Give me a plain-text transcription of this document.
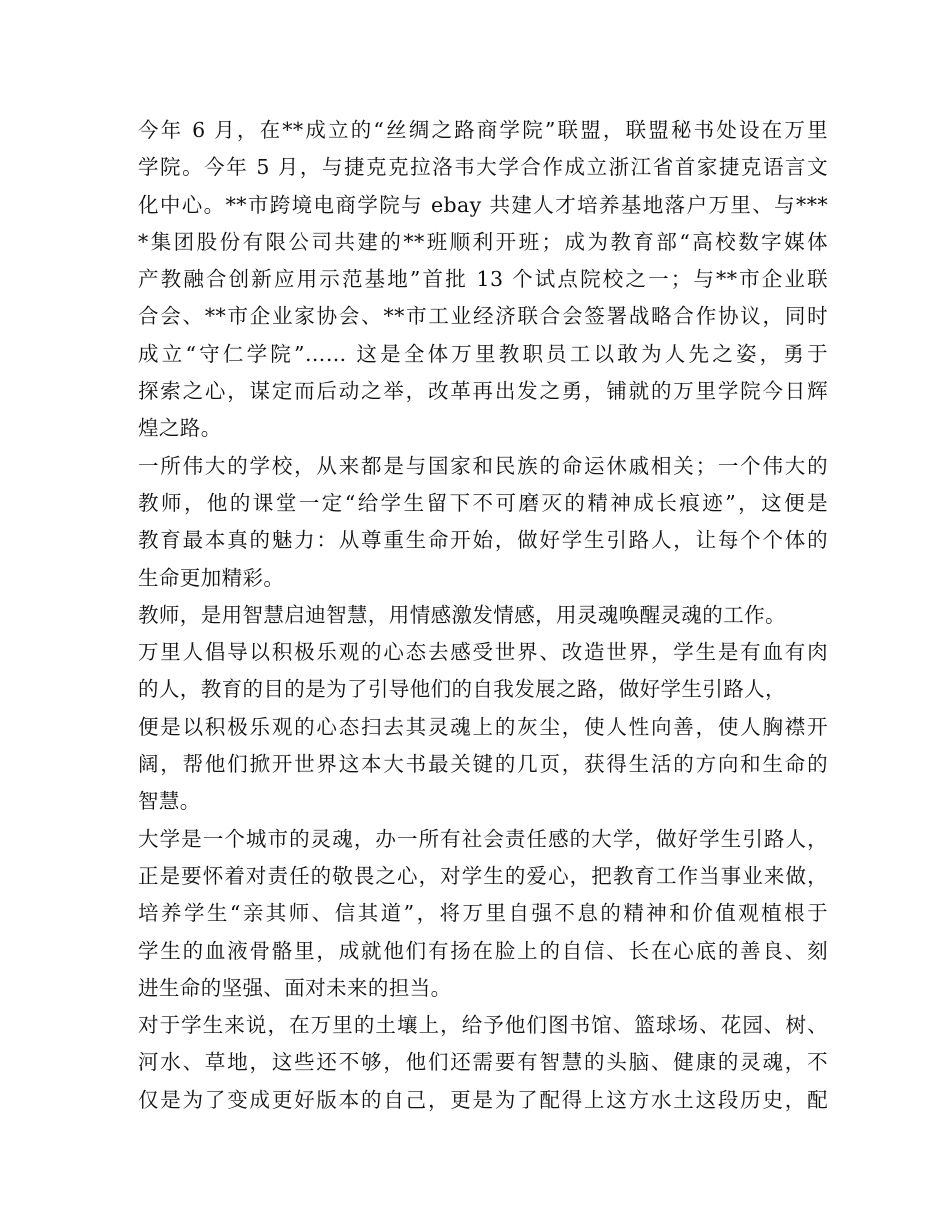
今年 6 月，在**成立的“丝绸之路商学院”联盟，联盟秘书处设在万里
学院。今年 5 月，与捷克克拉洛韦大学合作成立浙江省首家捷克语言文
化中心。**市跨境电商学院与 ebay 共建人才培养基地落户万里、与***
*集团股份有限公司共建的**班顺利开班；成为教育部“高校数字媒体
产教融合创新应用示范基地”首批 13 个试点院校之一；与**市企业联
合会、**市企业家协会、**市工业经济联合会签署战略合作协议，同时
成立“守仁学院”…… 这是全体万里教职员工以敢为人先之姿，勇于
探索之心，谋定而后动之举，改革再出发之勇，铺就的万里学院今日辉
煌之路。
一所伟大的学校，从来都是与国家和民族的命运休戚相关；一个伟大的
教师，他的课堂一定“给学生留下不可磨灭的精神成长痕迹”，这便是
教育最本真的魅力：从尊重生命开始，做好学生引路人，让每个个体的
生命更加精彩。
教师，是用智慧启迪智慧，用情感激发情感，用灵魂唤醒灵魂的工作。
万里人倡导以积极乐观的心态去感受世界、改造世界，学生是有血有肉
的人，教育的目的是为了引导他们的自我发展之路，做好学生引路人，
便是以积极乐观的心态扫去其灵魂上的灰尘，使人性向善，使人胸襟开
阔，帮他们掀开世界这本大书最关键的几页，获得生活的方向和生命的
智慧。
大学是一个城市的灵魂，办一所有社会责任感的大学，做好学生引路人，
正是要怀着对责任的敬畏之心，对学生的爱心，把教育工作当事业来做，
培养学生“亲其师、信其道”，将万里自强不息的精神和价值观植根于
学生的血液骨骼里，成就他们有扬在脸上的自信、长在心底的善良、刻
进生命的坚强、面对未来的担当。
对于学生来说，在万里的土壤上，给予他们图书馆、篮球场、花园、树、
河水、草地，这些还不够，他们还需要有智慧的头脑、健康的灵魂，不
仅是为了变成更好版本的自己，更是为了配得上这方水土这段历史，配
